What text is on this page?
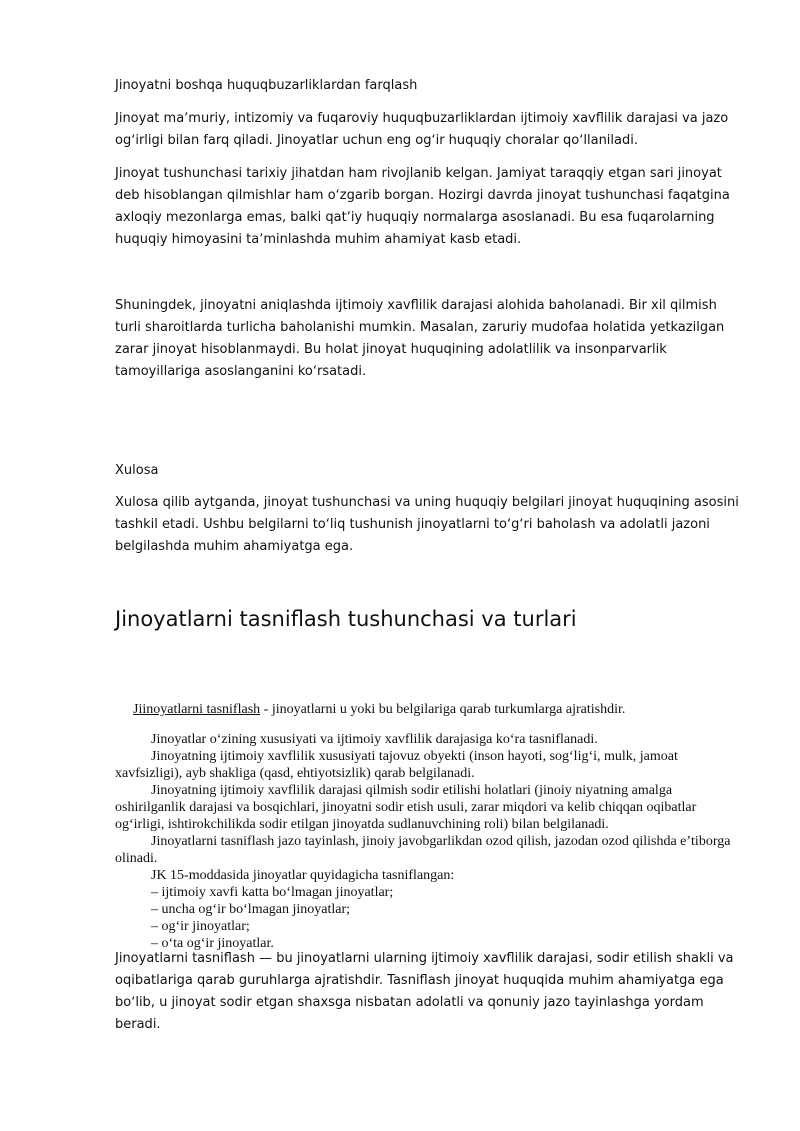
Jinoyatni boshqa huquqbuzarliklardan farqlash

Jinoyat maʼmuriy, intizomiy va fuqaroviy huquqbuzarliklardan ijtimoiy xavflilik darajasi va jazo ogʻirligi bilan farq qiladi. Jinoyatlar uchun eng ogʻir huquqiy choralar qoʻllaniladi.

Jinoyat tushunchasi tarixiy jihatdan ham rivojlanib kelgan. Jamiyat taraqqiy etgan sari jinoyat deb hisoblangan qilmishlar ham oʻzgarib borgan. Hozirgi davrda jinoyat tushunchasi faqatgina axloqiy mezonlarga emas, balki qatʼiy huquqiy normalarga asoslanadi. Bu esa fuqarolarning huquqiy himoyasini taʼminlashda muhim ahamiyat kasb etadi.

Shuningdek, jinoyatni aniqlashda ijtimoiy xavflilik darajasi alohida baholanadi. Bir xil qilmish turli sharoitlarda turlicha baholanishi mumkin. Masalan, zaruriy mudofaa holatida yetkazilgan zarar jinoyat hisoblanmaydi. Bu holat jinoyat huquqining adolatlilik va insonparvarlik tamoyillariga asoslanganini koʻrsatadi.

Xulosa

Xulosa qilib aytganda, jinoyat tushunchasi va uning huquqiy belgilari jinoyat huquqining asosini tashkil etadi. Ushbu belgilarni toʻliq tushunish jinoyatlarni toʻgʻri baholash va adolatli jazoni belgilashda muhim ahamiyatga ega.

Jinoyatlarni tasniflash tushunchasi va turlari

Jiinoyatlarni tasniflash - jinoyatlarni u yoki bu belgilariga qarab turkumlarga ajratishdir.

Jinoyatlar oʻzining xususiyati va ijtimoiy xavflilik darajasiga koʻra tasniflanadi.
Jinoyatning ijtimoiy xavflilik xususiyati tajovuz obyekti (inson hayoti, sogʻligʻi, mulk, jamoat xavfsizligi), ayb shakliga (qasd, ehtiyotsizlik) qarab belgilanadi.
Jinoyatning ijtimoiy xavflilik darajasi qilmish sodir etilishi holatlari (jinoiy niyatning amalga oshirilganlik darajasi va bosqichlari, jinoyatni sodir etish usuli, zarar miqdori va kelib chiqqan oqibatlar ogʻirligi, ishtirokchilikda sodir etilgan jinoyatda sudlanuvchining roli) bilan belgilanadi.
Jinoyatlarni tasniflash jazo tayinlash, jinoiy javobgarlikdan ozod qilish, jazodan ozod qilishda eʼtiborga olinadi.
JK 15-moddasida jinoyatlar quyidagicha tasniflangan:
– ijtimoiy xavfi katta boʻlmagan jinoyatlar;
– uncha ogʻir boʻlmagan jinoyatlar;
– ogʻir jinoyatlar;
– oʻta ogʻir jinoyatlar.

Jinoyatlarni tasniflash — bu jinoyatlarni ularning ijtimoiy xavflilik darajasi, sodir etilish shakli va oqibatlariga qarab guruhlarga ajratishdir. Tasniflash jinoyat huquqida muhim ahamiyatga ega boʻlib, u jinoyat sodir etgan shaxsga nisbatan adolatli va qonuniy jazo tayinlashga yordam beradi.
